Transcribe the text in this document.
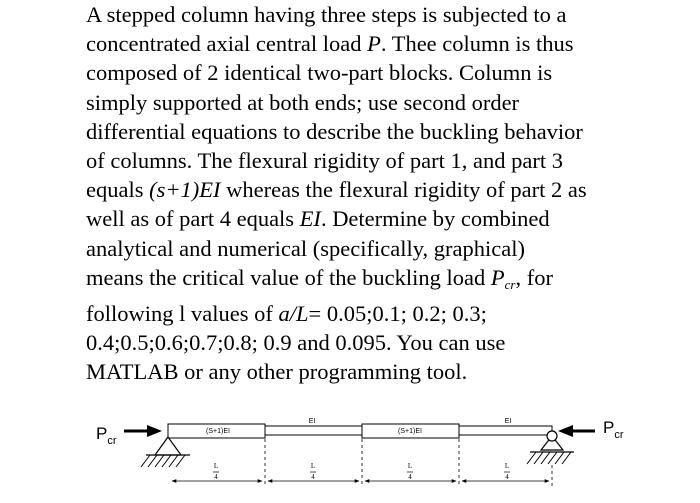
A stepped column having three steps is subjected to a
concentrated axial central load P. Thee column is thus
composed of 2 identical two-part blocks. Column is
simply supported at both ends; use second order
differential equations to describe the buckling behavior
of columns. The flexural rigidity of part 1, and part 3
equals (s+1)EI whereas the flexural rigidity of part 2 as
well as of part 4 equals EI. Determine by combined
analytical and numerical (specifically, graphical)
means the critical value of the buckling load $P_{cr}$, for
following l values of a/L= 0.05;0.1; 0.2; 0.3;
0.4;0.5;0.6;0.7;0.8; 0.9 and 0.095. You can use
MATLAB or any other programming tool.
$P_{cr}$
$P_{cr}$
(S+1)EI
EI
(S+1)EI
EI
L
4
L
4
L
4
L
4
